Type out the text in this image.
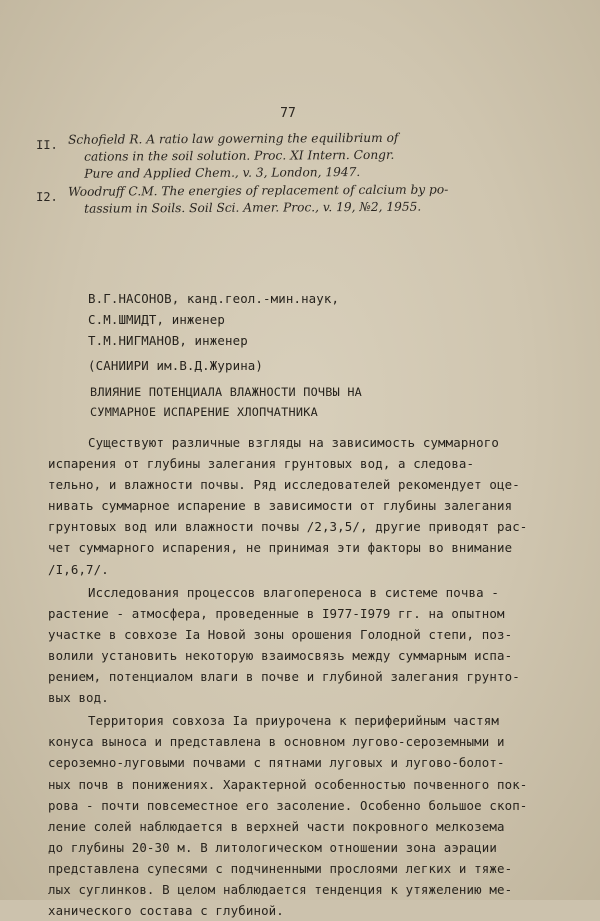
77
II. Schofield R. A ratio law gowerning the equilibrium of
cations in the soil solution. Proc. XI Intern. Congr.
Pure and Applied Chem., v. 3, London, 1947.
I2. Woodruff C.M. The energies of replacement of calcium by po-
tassium in Soils. Soil Sci. Amer. Proc., v. 19, №2, 1955.
В.Г.НАСОНОВ, канд.геол.-мин.наук,
С.М.ШМИДТ, инженер
Т.М.НИГМАНОВ, инженер
(САНИИРИ им.В.Д.Журина)
ВЛИЯНИЕ ПОТЕНЦИАЛА ВЛАЖНОСТИ ПОЧВЫ НА
СУММАРНОЕ ИСПАРЕНИЕ ХЛОПЧАТНИКА
Существуют различные взгляды на зависимость суммарного
испарения от глубины залегания грунтовых вод, а следова-
тельно, и влажности почвы. Ряд исследователей рекомендует оце-
нивать суммарное испарение в зависимости от глубины залегания
грунтовых вод или влажности почвы /2,3,5/, другие приводят рас-
чет суммарного испарения, не принимая эти факторы во внимание
/I,6,7/.
Исследования процессов влагопереноса в системе почва -
растение - атмосфера, проведенные в I977-I979 гг. на опытном
участке в совхозе Iа Новой зоны орошения Голодной степи, поз-
волили установить некоторую взаимосвязь между суммарным испа-
рением, потенциалом влаги в почве и глубиной залегания грунто-
вых вод.
Территория совхоза Iа приурочена к периферийным частям
конуса выноса и представлена в основном лугово-сероземными и
сероземно-луговыми почвами с пятнами луговых и лугово-болот-
ных почв в понижениях. Характерной особенностью почвенного пок-
рова - почти повсеместное его засоление. Особенно большое скоп-
ление солей наблюдается в верхней части покровного мелкозема
до глубины 20-30 м. В литологическом отношении зона аэрации
представлена супесями с подчиненными прослоями легких и тяже-
лых суглинков. В целом наблюдается тенденция к утяжелению ме-
ханического состава с глубиной.
